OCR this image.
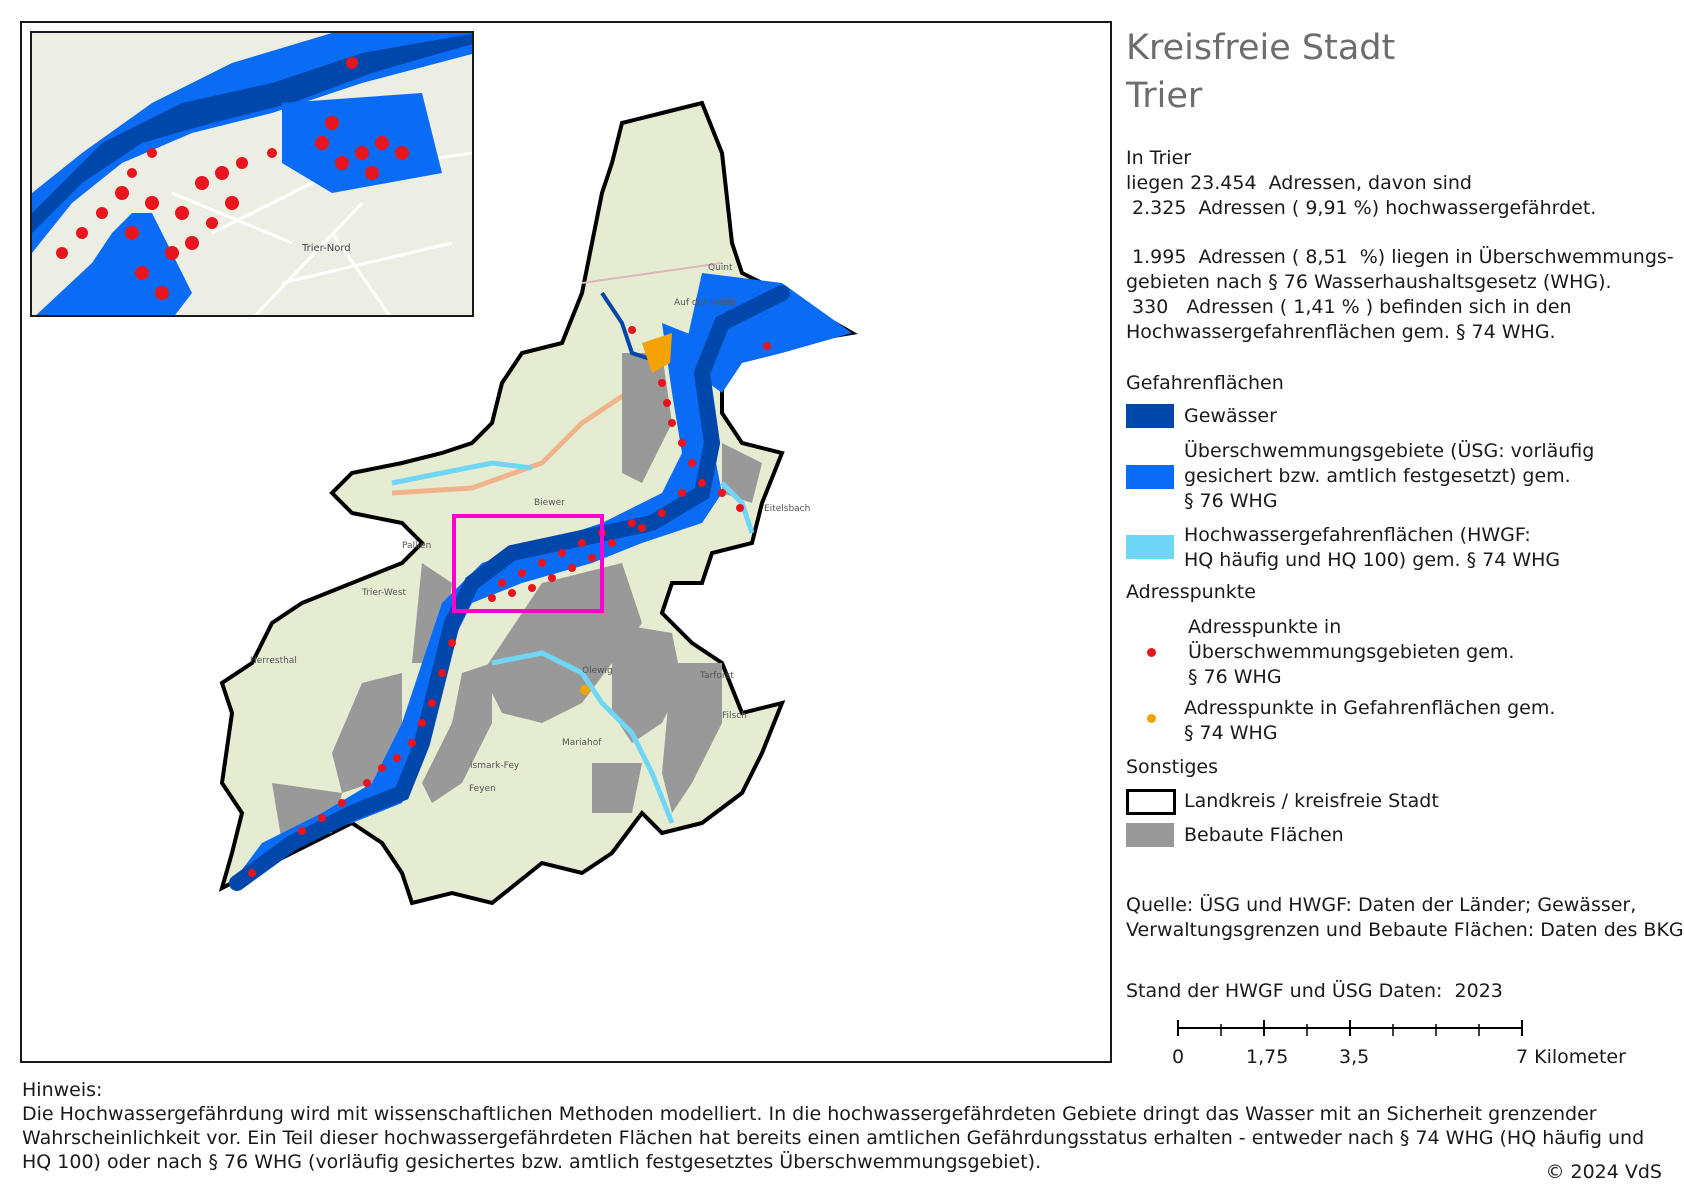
Quint
Auf der Heide
Biewer
Pallien
Trier-West
Herresthal
Olewig	Tarforst
Filsch
Mariahof
ismark-Fey
Feyen
Eitelsbach
Trier-Nord
Kreisfreie Stadt
Trier
In Trier
liegen 23.454  Adressen, davon sind
2.325  Adressen ( 9,91 %) hochwassergefährdet.
1.995  Adressen ( 8,51  %) liegen in Überschwemmungs-
gebieten nach § 76 Wasserhaushaltsgesetz (WHG).
330   Adressen ( 1,41 % ) befinden sich in den
Hochwassergefahrenflächen gem. § 74 WHG.
Gefahrenflächen
Gewässer
Überschwemmungsgebiete (ÜSG: vorläufig
gesichert bzw. amtlich festgesetzt) gem.
§ 76 WHG
Hochwassergefahrenflächen (HWGF:
HQ häufig und HQ 100) gem. § 74 WHG
Adresspunkte
Adresspunkte in
Überschwemmungsgebieten gem.
§ 76 WHG
Adresspunkte in Gefahrenflächen gem.
§ 74 WHG
Sonstiges
Landkreis / kreisfreie Stadt
Bebaute Flächen
Quelle: ÜSG und HWGF: Daten der Länder; Gewässer,
Verwaltungsgrenzen und Bebaute Flächen: Daten des BKG
Stand der HWGF und ÜSG Daten:  2023
0	1,75	3,5	7 Kilometer
Hinweis:
Die Hochwassergefährdung wird mit wissenschaftlichen Methoden modelliert. In die hochwassergefährdeten Gebiete dringt das Wasser mit an Sicherheit grenzender Wahrscheinlichkeit vor. Ein Teil dieser hochwassergefährdeten Flächen hat bereits einen amtlichen Gefährdungsstatus erhalten - entweder nach § 74 WHG (HQ häufig und HQ 100) oder nach § 76 WHG (vorläufig gesichertes bzw. amtlich festgesetztes Überschwemmungsgebiet).	© 2024 VdS
